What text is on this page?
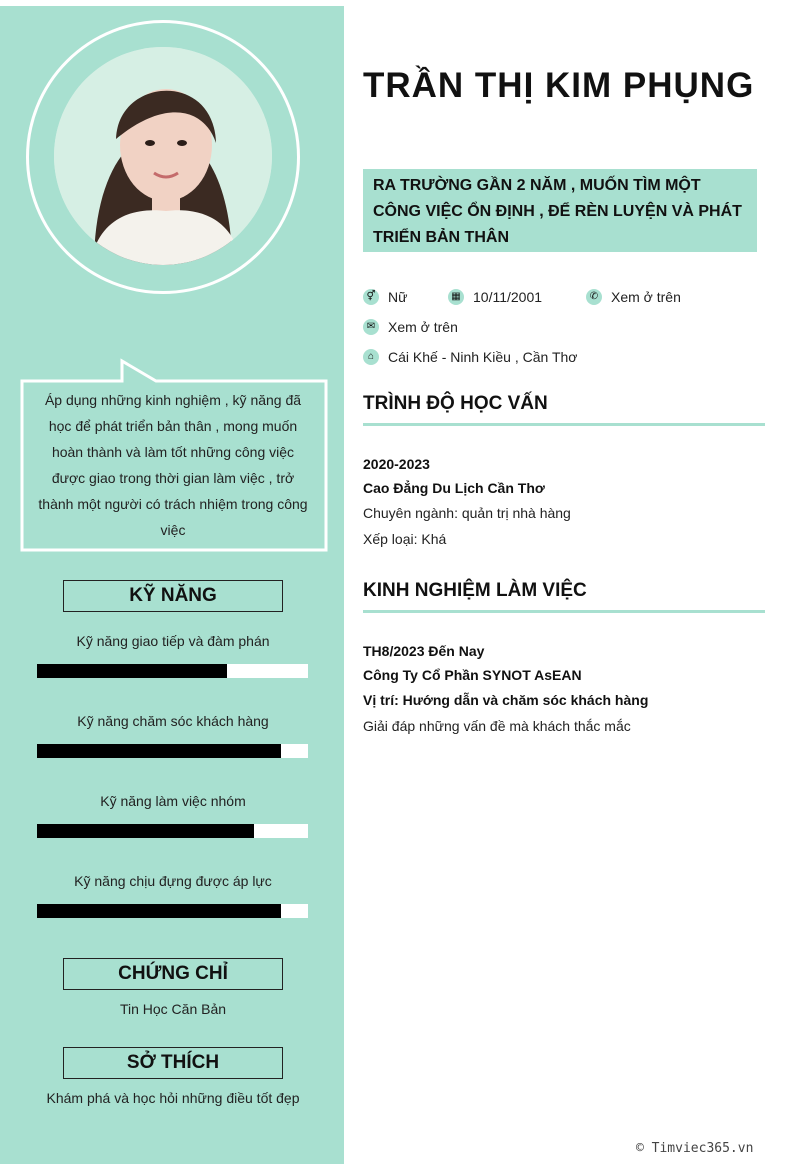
Áp dụng những kinh nghiệm , kỹ năng đã học để phát triển bản thân , mong muốn hoàn thành và làm tốt những công việc được giao trong thời gian làm việc , trở thành một người có trách nhiệm trong công việc
KỸ NĂNG
Kỹ năng giao tiếp và đàm phán
Kỹ năng chăm sóc khách hàng
Kỹ năng làm việc nhóm
Kỹ năng chịu đựng được áp lực
CHỨNG CHỈ
Tin Học Căn Bản
SỞ THÍCH
Khám phá và học hỏi những điều tốt đẹp
TRẦN THỊ KIM PHỤNG
RA TRƯỜNG GẦN 2 NĂM , MUỐN TÌM MỘT CÔNG VIỆC ỔN ĐỊNH , ĐỂ RÈN LUYỆN VÀ PHÁT TRIỂN BẢN THÂN
⚥ Nữ	▦ 10/11/2001	✆ Xem ở trên
✉ Xem ở trên
⌂ Cái Khế - Ninh Kiều , Cần Thơ
TRÌNH ĐỘ HỌC VẤN
2020-2023
Cao Đẳng Du Lịch Cần Thơ
Chuyên ngành: quản trị nhà hàng
Xếp loại: Khá
KINH NGHIỆM LÀM VIỆC
TH8/2023 Đến Nay
Công Ty Cổ Phần SYNOT AsEAN
Vị trí: Hướng dẫn và chăm sóc khách hàng
Giải đáp những vấn đề mà khách thắc mắc
© Timviec365.vn
